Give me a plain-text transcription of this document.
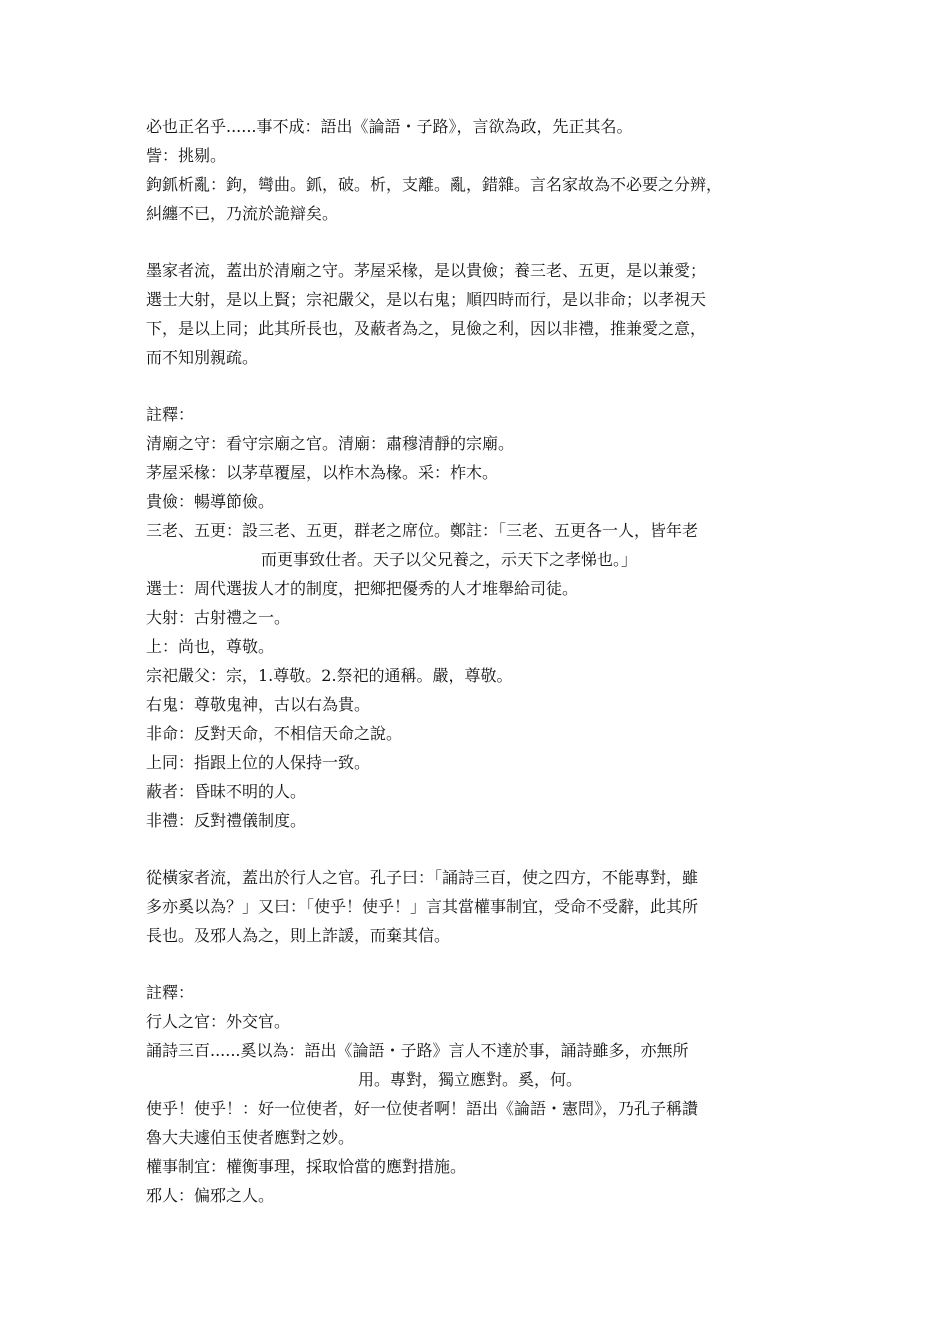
必也正名乎......事不成：語出《論語・子路》，言欲為政，先正其名。
訾：挑剔。
鉤釽析亂：鉤，彎曲。釽，破。析，支離。亂，錯雜。言名家故為不必要之分辨，
糾纏不已，乃流於詭辯矣。
墨家者流，蓋出於清廟之守。茅屋采椽，是以貴儉；養三老、五更，是以兼愛；
選士大射，是以上賢；宗祀嚴父，是以右鬼；順四時而行，是以非命；以孝視天
下，是以上同；此其所長也，及蔽者為之，見儉之利，因以非禮，推兼愛之意，
而不知別親疏。
註釋：
清廟之守：看守宗廟之官。清廟：肅穆清靜的宗廟。
茅屋采椽：以茅草覆屋，以柞木為椽。采：柞木。
貴儉：暢導節儉。
三老、五更：設三老、五更，群老之席位。鄭註：「三老、五更各一人，皆年老
而更事致仕者。天子以父兄養之，示天下之孝悌也。」
選士：周代選拔人才的制度，把鄉把優秀的人才堆舉給司徒。
大射：古射禮之一。
上：尚也，尊敬。
宗祀嚴父：宗，1.尊敬。2.祭祀的通稱。嚴，尊敬。
右鬼：尊敬鬼神，古以右為貴。
非命：反對天命，不相信天命之說。
上同：指跟上位的人保持一致。
蔽者：昏昧不明的人。
非禮：反對禮儀制度。
從橫家者流，蓋出於行人之官。孔子曰：「誦詩三百，使之四方，不能專對，雖
多亦奚以為？」又曰：「使乎！使乎！」言其當權事制宜，受命不受辭，此其所
長也。及邪人為之，則上詐諼，而棄其信。
註釋：
行人之官：外交官。
誦詩三百......奚以為：語出《論語・子路》言人不達於事，誦詩雖多，亦無所
用。專對，獨立應對。奚，何。
使乎！使乎！：好一位使者，好一位使者啊！語出《論語・憲問》，乃孔子稱讚
魯大夫遽伯玉使者應對之妙。
權事制宜：權衡事理，採取恰當的應對措施。
邪人：偏邪之人。
